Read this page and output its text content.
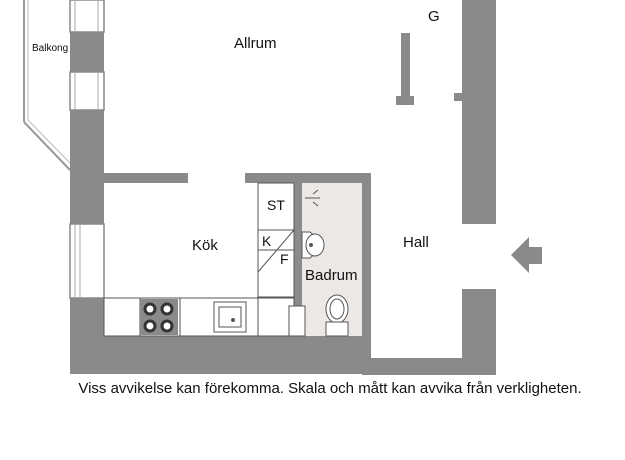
Balkong	Allrum
G
Kök
ST
K
F
Badrum
Hall
Viss avvikelse kan förekomma. Skala och mått kan avvika från verkligheten.
